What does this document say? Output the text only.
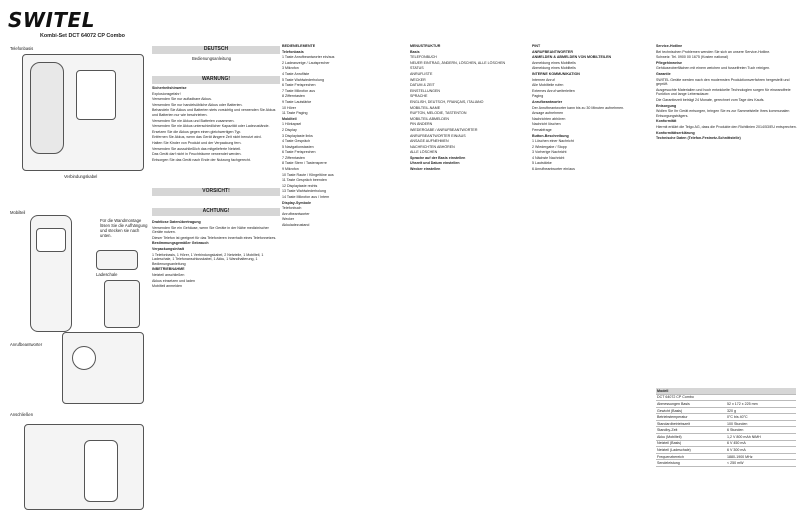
SWITEL
Kombi-Set DCT 64072 CP Combo
Telefonbasis
Verbindungskabel
Mobilteil
Für die Wandmontage lösen Sie die Aufhängung und stecken sie nach unten.
Ladeschale
Anrufbeantworter
Anschließen
DEUTSCH
Bedienungsanleitung
WARNUNG!

Sicherheitshinweise

Explosionsgefahr!

Verwenden Sie nur aufladbare Akkus.

Verwenden Sie nur handelsübliche Akkus oder Batterien.

Behandeln Sie Akkus und Batterien stets vorsichtig und verwenden Sie Akkus und Batterien nur wie beschrieben.

Verwenden Sie nie Akkus und Batterien zusammen.

Verwenden Sie nie Akkus unterschiedlicher Kapazität oder Ladezustände.

Ersetzen Sie die Akkus gegen einen gleichwertigen Typ.

Entfernen Sie Akkus, wenn das Gerät längere Zeit nicht benutzt wird.

Halten Sie Kinder von Produkt und der Verpackung fern.

Verwenden Sie ausschließlich das mitgelieferte Netzteil.

Das Gerät darf nicht in Feuchträume verwendet werden.

Entsorgen Sie das Gerät nach Ende der Nutzung fachgerecht.

VORSICHT!
ACHTUNG!

Drahtlose Datenübertragung

Verwenden Sie ein Gehäuse, wenn Sie Geräte in der Nähe medizinischer Geräte nutzen.

Dieser Telefon ist geeignet für das Telefonieren innerhalb eines Telefonnetzes.

Bestimmungsgemäßer Gebrauch

Verpackungsinhalt

1 Telefonbasis, 1 Hörer, 1 Verbindungskabel, 2 Netzteile, 1 Mobilteil, 1 Ladeschale, 1 Telefonanschlusskabel, 1 Akku, 1 Wandhalterung, 1 Bedienungsanleitung

INBETRIEBNAHME

Netzteil anschließen

Akkus einsetzen und laden

Mobilteil anmelden

BEDIENELEMENTE

Telefonbasis

1 Taste Anrufbeantworter ein/aus

2 Ladeanzeige / Lautsprecher

3 Mikrofon

4 Taste Anrufliste

5 Taste Wahlwiederholung

6 Taste Freisprechen

7 Taste Mikrofon aus

8 Zifferntasten

9 Taste Lautstärke

10 Hörer

11 Taste Paging

Mobilteil

1 Hörkapsel

2 Display

3 Displaytaste links

4 Taste Gespräch

5 Navigationstasten

6 Taste Freisprechen

7 Zifferntasten

8 Taste Stern / Tastensperre

9 Mikrofon

10 Taste Raute / Klingeltöne aus

11 Taste Gespräch beenden

12 Displaytaste rechts

13 Taste Wahlwiederholung

14 Taste Mikrofon aus / Intern

Display-Symbole

Telefonbuch

Anrufbeantworter

Wecker

Akkuladezustand

MENÜSTRUKTUR

Basis

TELEFONBUCH

NEUER EINTRAG, ÄNDERN, LÖSCHEN, ALLE LÖSCHEN

STATUS

ANRUFLISTE

WECKER

DATUM & ZEIT

EINSTELLUNGEN

SPRACHE

ENGLISH, DEUTSCH, FRANÇAIS, ITALIANO

MOBILTEIL-NAME

RUFTON, MELODIE, TASTENTON

MOBILTEIL ABMELDEN

PIN ÄNDERN

WIEDERGABE / ANRUFBEANTWORTER

ANRUFBEANTWORTER EIN/AUS

ANSAGE AUFNEHMEN

NACHRICHTEN ABHÖREN

ALLE LÖSCHEN

Sprache auf der Basis einstellen

Uhrzeit und Datum einstellen

Wecker einstellen

PINT

ANRUFBEANTWORTER

ANMELDEN & ABMELDEN VON MOBILTEILEN

Anmeldung eines Mobilteils

Abmeldung eines Mobilteils

INTERNE KOMMUNIKATION

Internen Anruf

Alle Mobilteile rufen

Externes Anruf weiterleiten

Paging

Anrufbeantworter

Der Anrufbeantworter kann bis zu 30 Minuten aufnehmen.

Ansage aufnehmen

Nachrichten abhören

Nachricht löschen

Fernabfrage

Button-Beschreibung

1 Löschen einer Nachricht

2 Wiedergabe / Stopp

3 Vorherige Nachricht

4 Nächste Nachricht

5 Lautstärke

6 Anrufbeantworter ein/aus

Service-Hotline

Bei technischen Problemen wenden Sie sich an unsere Service-Hotline.

Schweiz: Tel. 0900 00 1675 (Kosten national)

Pflegehinweise

Gehäuseoberflächen mit einem weichen und fusselfreien Tuch reinigen.

Garantie

SWITEL Geräte werden nach den modernsten Produktionsverfahren hergestellt und geprüft.

Ausgesuchte Materialien und hoch entwickelte Technologien sorgen für einwandfreie Funktion und lange Lebensdauer.

Die Garantiezeit beträgt 24 Monate, gerechnet vom Tage des Kaufs.

Entsorgung

Wollen Sie Ihr Gerät entsorgen, bringen Sie es zur Sammelstelle Ihres kommunalen Entsorgungsträgers.

Konformität

Hiermit erklärt die Telgo AG, dass die Produkte den Richtlinien 2014/53/EU entsprechen.

Konformitätserklärung

Technische Daten (Telefon-Festnetz-Schnittstelle)

Modell	
DCT 64072 CP Combo	
Abmessungen Basis	52 x 172 x 225 mm
Gewicht (Basis)	320 g
Betriebstemperatur	0°C bis 40°C
Standardbetriebszeit	100 Stunden
Standby-Zeit	6 Stunden
Akku (Mobilteil)	1,2 V 800 mAh NiMH
Netzteil (Basis)	6 V 450 mA
Netzteil (Ladeschale)	6 V 300 mA
Frequenzbereich	1880-1900 MHz
Sendeleistung	< 250 mW
